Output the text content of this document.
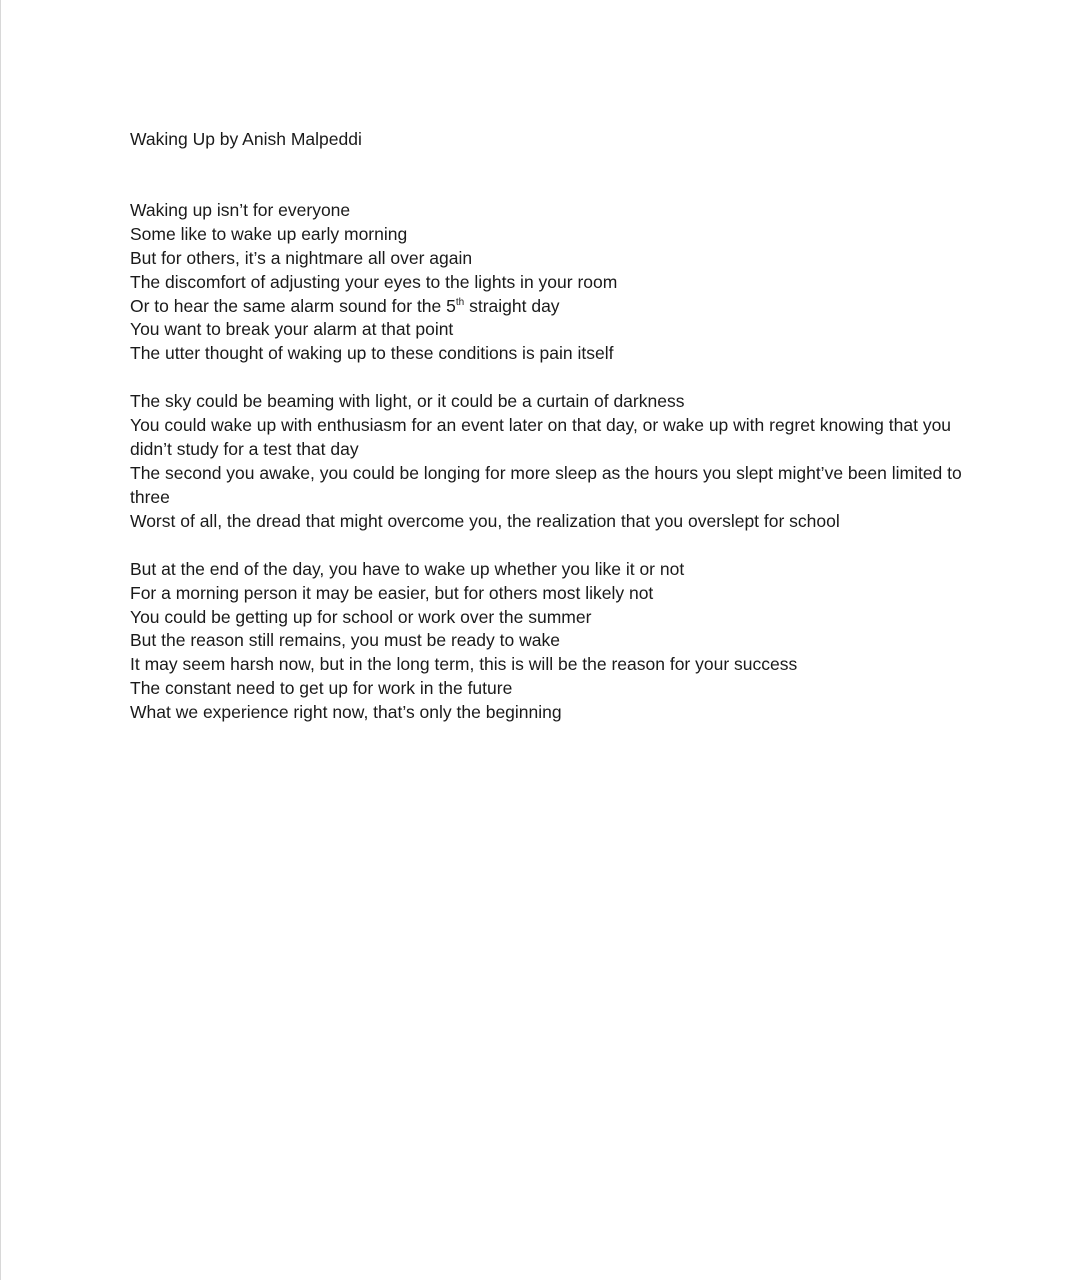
Waking Up by Anish Malpeddi
Waking up isn’t for everyone
Some like to wake up early morning
But for others, it’s a nightmare all over again
The discomfort of adjusting your eyes to the lights in your room
Or to hear the same alarm sound for the 5th straight day
You want to break your alarm at that point
The utter thought of waking up to these conditions is pain itself
The sky could be beaming with light, or it could be a curtain of darkness
You could wake up with enthusiasm for an event later on that day, or wake up with regret knowing that you didn’t study for a test that day
The second you awake, you could be longing for more sleep as the hours you slept might’ve been limited to three
Worst of all, the dread that might overcome you, the realization that you overslept for school
But at the end of the day, you have to wake up whether you like it or not
For a morning person it may be easier, but for others most likely not
You could be getting up for school or work over the summer
But the reason still remains, you must be ready to wake
It may seem harsh now, but in the long term, this is will be the reason for your success
The constant need to get up for work in the future
What we experience right now, that’s only the beginning
